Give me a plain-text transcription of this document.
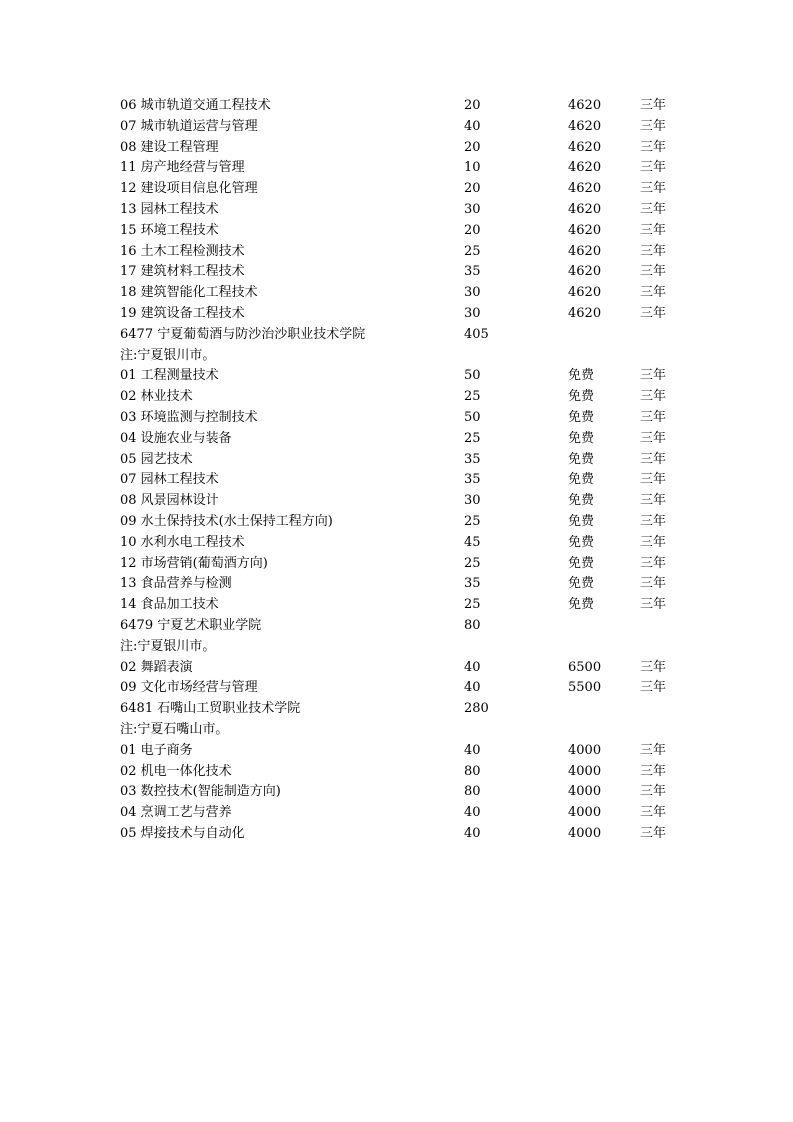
06 城市轨道交通工程技术	20	4620	三年
07 城市轨道运营与管理	40	4620	三年
08 建设工程管理	20	4620	三年
11 房产地经营与管理	10	4620	三年
12 建设项目信息化管理	20	4620	三年
13 园林工程技术	30	4620	三年
15 环境工程技术	20	4620	三年
16 土木工程检测技术	25	4620	三年
17 建筑材料工程技术	35	4620	三年
18 建筑智能化工程技术	30	4620	三年
19 建筑设备工程技术	30	4620	三年
6477 宁夏葡萄酒与防沙治沙职业技术学院	405
注:宁夏银川市。
01 工程测量技术	50	免费	三年
02 林业技术	25	免费	三年
03 环境监测与控制技术	50	免费	三年
04 设施农业与装备	25	免费	三年
05 园艺技术	35	免费	三年
07 园林工程技术	35	免费	三年
08 风景园林设计	30	免费	三年
09 水土保持技术(水土保持工程方向)	25	免费	三年
10 水利水电工程技术	45	免费	三年
12 市场营销(葡萄酒方向)	25	免费	三年
13 食品营养与检测	35	免费	三年
14 食品加工技术	25	免费	三年
6479 宁夏艺术职业学院	80
注:宁夏银川市。
02 舞蹈表演	40	6500	三年
09 文化市场经营与管理	40	5500	三年
6481 石嘴山工贸职业技术学院	280
注:宁夏石嘴山市。
01 电子商务	40	4000	三年
02 机电一体化技术	80	4000	三年
03 数控技术(智能制造方向)	80	4000	三年
04 烹调工艺与营养	40	4000	三年
05 焊接技术与自动化	40	4000	三年
